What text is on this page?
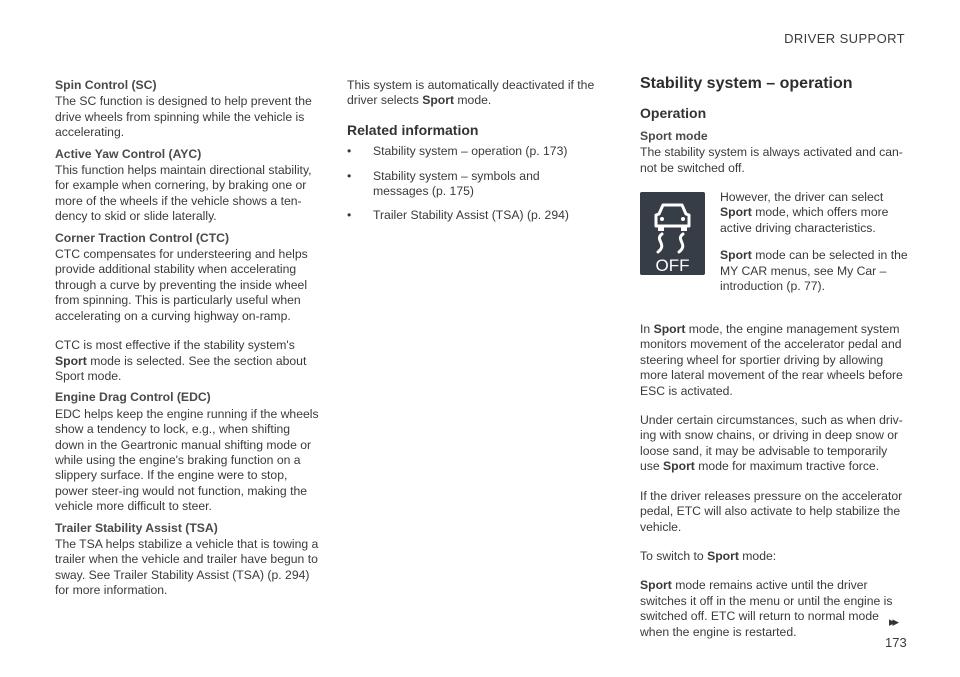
DRIVER SUPPORT
Spin Control (SC)

The SC function is designed to help prevent the drive wheels from spinning while the vehicle is accelerating.

Active Yaw Control (AYC)

This function helps maintain directional stability, for example when cornering, by braking one or more of the wheels if the vehicle shows a ten-dency to skid or slide laterally.

Corner Traction Control (CTC)

CTC compensates for understeering and helps provide additional stability when accelerating through a curve by preventing the inside wheel from spinning. This is particularly useful when accelerating on a curving highway on-ramp.

CTC is most effective if the stability system's Sport mode is selected. See the section about Sport mode.

Engine Drag Control (EDC)

EDC helps keep the engine running if the wheels show a tendency to lock, e.g., when shifting down in the Geartronic manual shifting mode or while using the engine's braking function on a slippery surface. If the engine were to stop, power steer-ing would not function, making the vehicle more difficult to steer.

Trailer Stability Assist (TSA)

The TSA helps stabilize a vehicle that is towing a trailer when the vehicle and trailer have begun to sway. See Trailer Stability Assist (TSA) (p. 294) for more information.

This system is automatically deactivated if the driver selects Sport mode.

Related information
• Stability system – operation (p. 173)
• Stability system – symbols and messages (p. 175)
• Trailer Stability Assist (TSA) (p. 294)
Stability system – operation
Operation
Sport mode

The stability system is always activated and can-not be switched off.

OFF

However, the driver can select Sport mode, which offers more active driving characteristics.

Sport mode can be selected in the MY CAR menus, see My Car – introduction (p. 77).

In Sport mode, the engine management system monitors movement of the accelerator pedal and steering wheel for sportier driving by allowing more lateral movement of the rear wheels before ESC is activated.

Under certain circumstances, such as when driv-ing with snow chains, or driving in deep snow or loose sand, it may be advisable to temporarily use Sport mode for maximum tractive force.

If the driver releases pressure on the accelerator pedal, ETC will also activate to help stabilize the vehicle.

To switch to Sport mode:

Sport mode remains active until the driver switches it off in the menu or until the engine is switched off. ETC will return to normal mode when the engine is restarted.

▸▸
173
